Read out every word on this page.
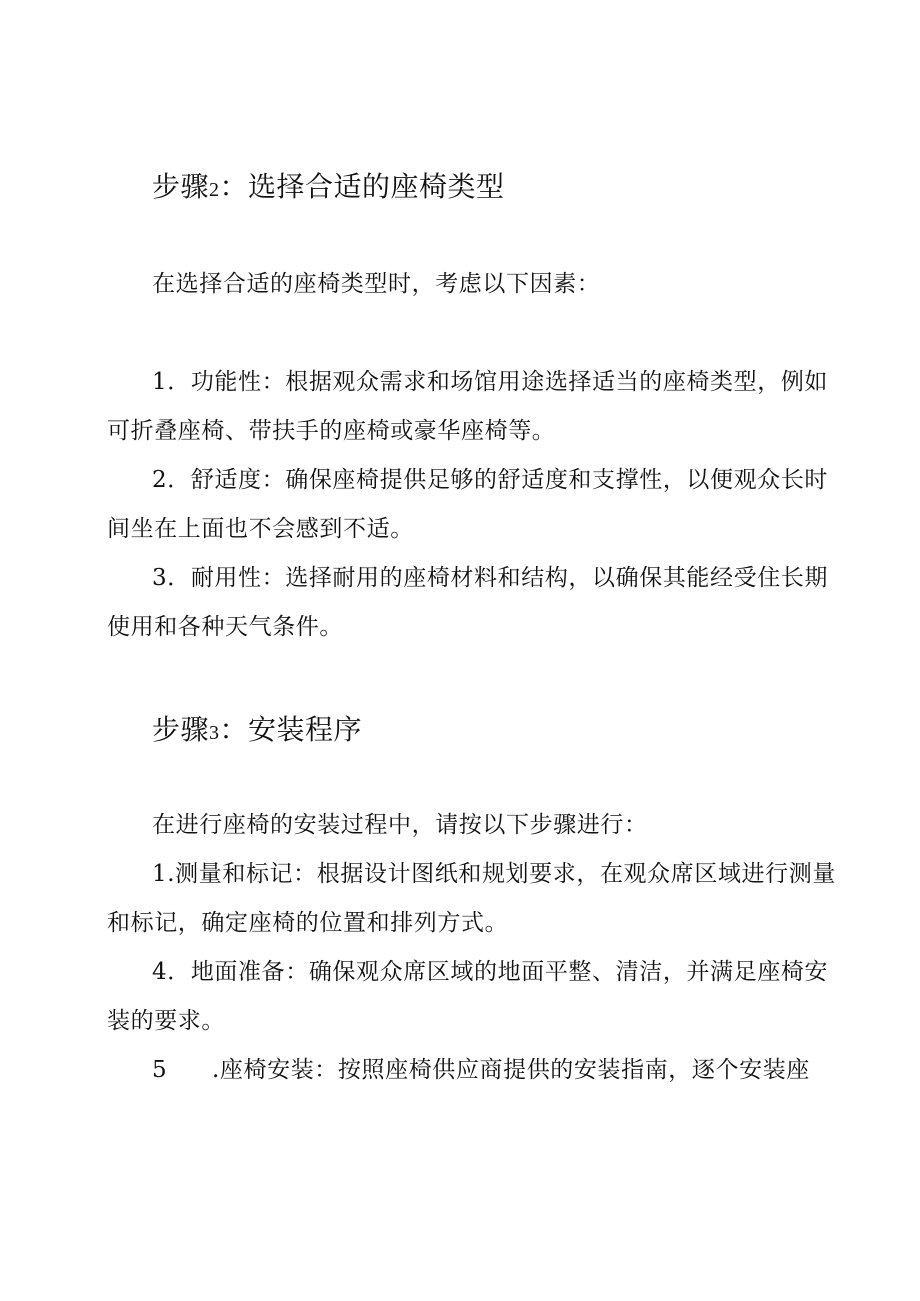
步骤2：选择合适的座椅类型
在选择合适的座椅类型时，考虑以下因素：
1．功能性：根据观众需求和场馆用途选择适当的座椅类型，例如
可折叠座椅、带扶手的座椅或豪华座椅等。
2．舒适度：确保座椅提供足够的舒适度和支撑性，以便观众长时
间坐在上面也不会感到不适。
3．耐用性：选择耐用的座椅材料和结构，以确保其能经受住长期
使用和各种天气条件。
步骤3：安装程序
在进行座椅的安装过程中，请按以下步骤进行：
1.测量和标记：根据设计图纸和规划要求，在观众席区域进行测量
和标记，确定座椅的位置和排列方式。
4．地面准备：确保观众席区域的地面平整、清洁，并满足座椅安
装的要求。
5 .座椅安装：按照座椅供应商提供的安装指南，逐个安装座
